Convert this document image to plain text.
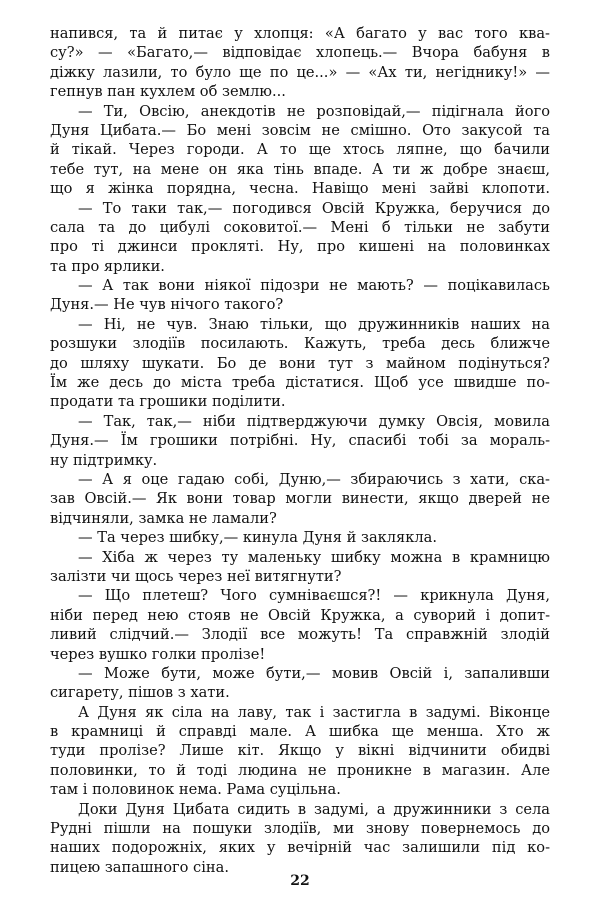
напився, та й питає у хлопця: «А багато у вас того ква-
су?» — «Багато,— відповідає хлопець.— Вчора бабуня в
діжку лазили, то було ще по це...» — «Ах ти, негіднику!» —
гепнув пан кухлем об землю...
— Ти, Овсію, анекдотів не розповідай,— підігнала його
Дуня Цибата.— Бо мені зовсім не смішно. Ото закусой та
й тікай. Через городи. А то ще хтось ляпне, що бачили
тебе тут, на мене он яка тінь впаде. А ти ж добре знаєш,
що я жінка порядна, чесна. Навіщо мені зайві клопоти.
— То таки так,— погодився Овсій Кружка, беручися до
сала та до цибулі соковитої.— Мені б тільки не забути
про ті джинси прокляті. Ну, про кишені на половинках
та про ярлики.
— А так вони ніякої підозри не мають? — поцікавилась
Дуня.— Не чув нічого такого?
— Ні, не чув. Знаю тільки, що дружинників наших на
розшуки злодіїв посилають. Кажуть, треба десь ближче
до шляху шукати. Бо де вони тут з майном подінуться?
Їм же десь до міста треба дістатися. Щоб усе швидше по-
продати та грошики поділити.
— Так, так,— ніби підтверджуючи думку Овсія, мовила
Дуня.— Їм грошики потрібні. Ну, спасибі тобі за мораль-
ну підтримку.
— А я оце гадаю собі, Дуню,— збираючись з хати, ска-
зав Овсій.— Як вони товар могли винести, якщо дверей не
відчиняли, замка не ламали?
— Та через шибку,— кинула Дуня й заклякла.
— Хіба ж через ту маленьку шибку можна в крамницю
залізти чи щось через неї витягнути?
— Що плетеш? Чого сумніваєшся?! — крикнула Дуня,
ніби перед нею стояв не Овсій Кружка, а суворий і допит-
ливий слідчий.— Злодії все можуть! Та справжній злодій
через вушко голки пролізе!
— Може бути, може бути,— мовив Овсій і, запаливши
сигарету, пішов з хати.
А Дуня як сіла на лаву, так і застигла в задумі. Віконце
в крамниці й справді мале. А шибка ще менша. Хто ж
туди пролізе? Лише кіт. Якщо у вікні відчинити обидві
половинки, то й тоді людина не проникне в магазин. Але
там і половинок нема. Рама суцільна.
Доки Дуня Цибата сидить в задумі, а дружинники з села
Рудні пішли на пошуки злодіїв, ми знову повернемось до
наших подорожніх, яких у вечірній час залишили під ко-
пицею запашного сіна.
22
